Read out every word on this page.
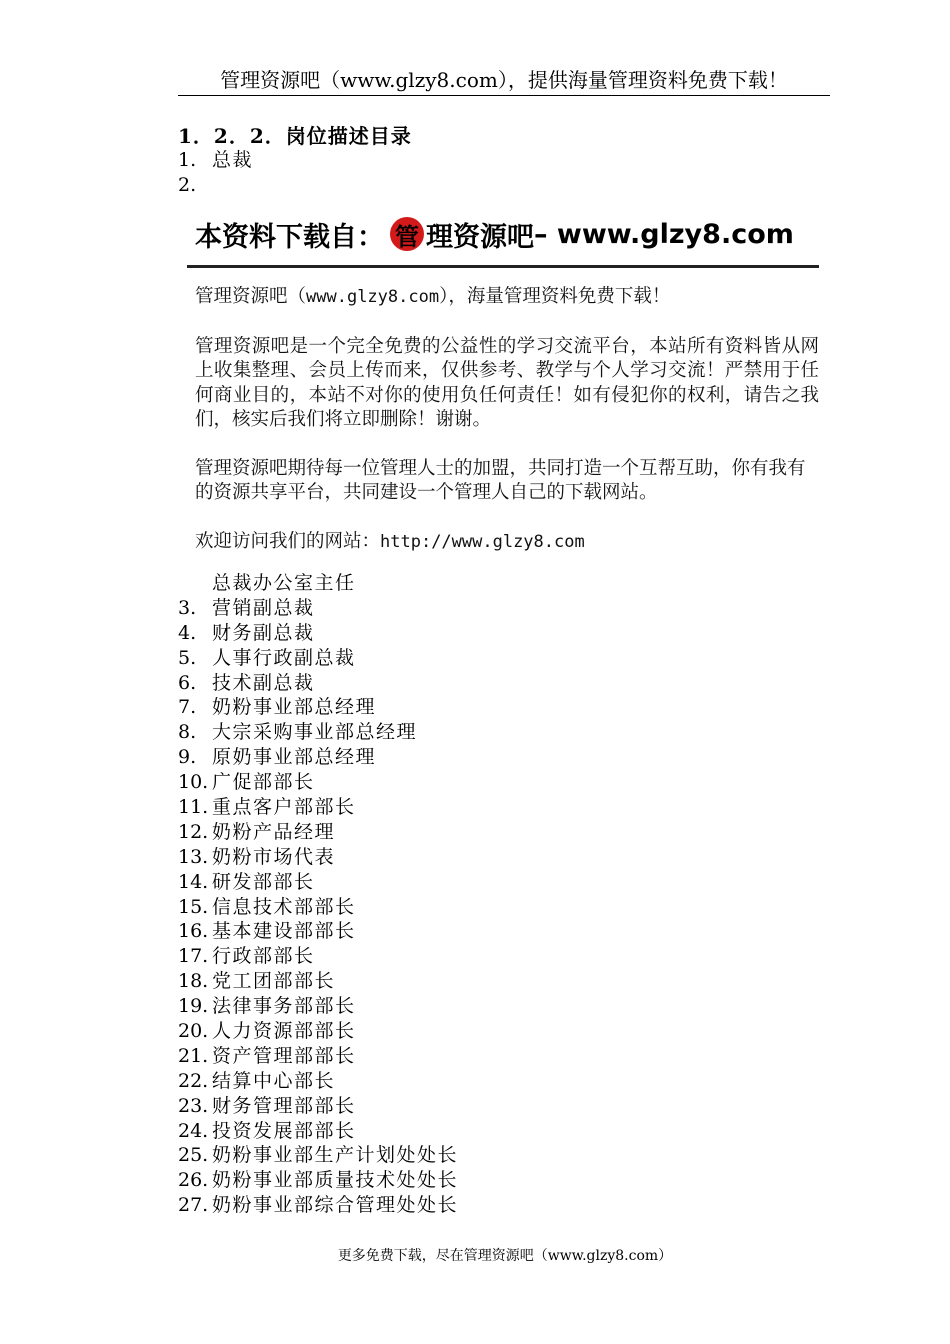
管理资源吧（www.glzy8.com），提供海量管理资料免费下载！
1．2．2．岗位描述目录
1. 总裁
2.
本资料下载自： 管 理资源吧 – www.glzy8.com

管理资源吧（www.glzy8.com），海量管理资料免费下载！

管理资源吧是一个完全免费的公益性的学习交流平台，本站所有资料皆从网上收集整理、会员上传而来，仅供参考、教学与个人学习交流！严禁用于任何商业目的，本站不对你的使用负任何责任！如有侵犯你的权利，请告之我们，核实后我们将立即删除！谢谢。

管理资源吧期待每一位管理人士的加盟，共同打造一个互帮互助，你有我有的资源共享平台，共同建设一个管理人自己的下载网站。

欢迎访问我们的网站：http://www.glzy8.com

总裁办公室主任
3. 营销副总裁
4. 财务副总裁
5. 人事行政副总裁
6. 技术副总裁
7. 奶粉事业部总经理
8. 大宗采购事业部总经理
9. 原奶事业部总经理
10. 广促部部长
11. 重点客户部部长
12. 奶粉产品经理
13. 奶粉市场代表
14. 研发部部长
15. 信息技术部部长
16. 基本建设部部长
17. 行政部部长
18. 党工团部部长
19. 法律事务部部长
20. 人力资源部部长
21. 资产管理部部长
22. 结算中心部长
23. 财务管理部部长
24. 投资发展部部长
25. 奶粉事业部生产计划处处长
26. 奶粉事业部质量技术处处长
27. 奶粉事业部综合管理处处长
更多免费下载，尽在管理资源吧（www.glzy8.com）
